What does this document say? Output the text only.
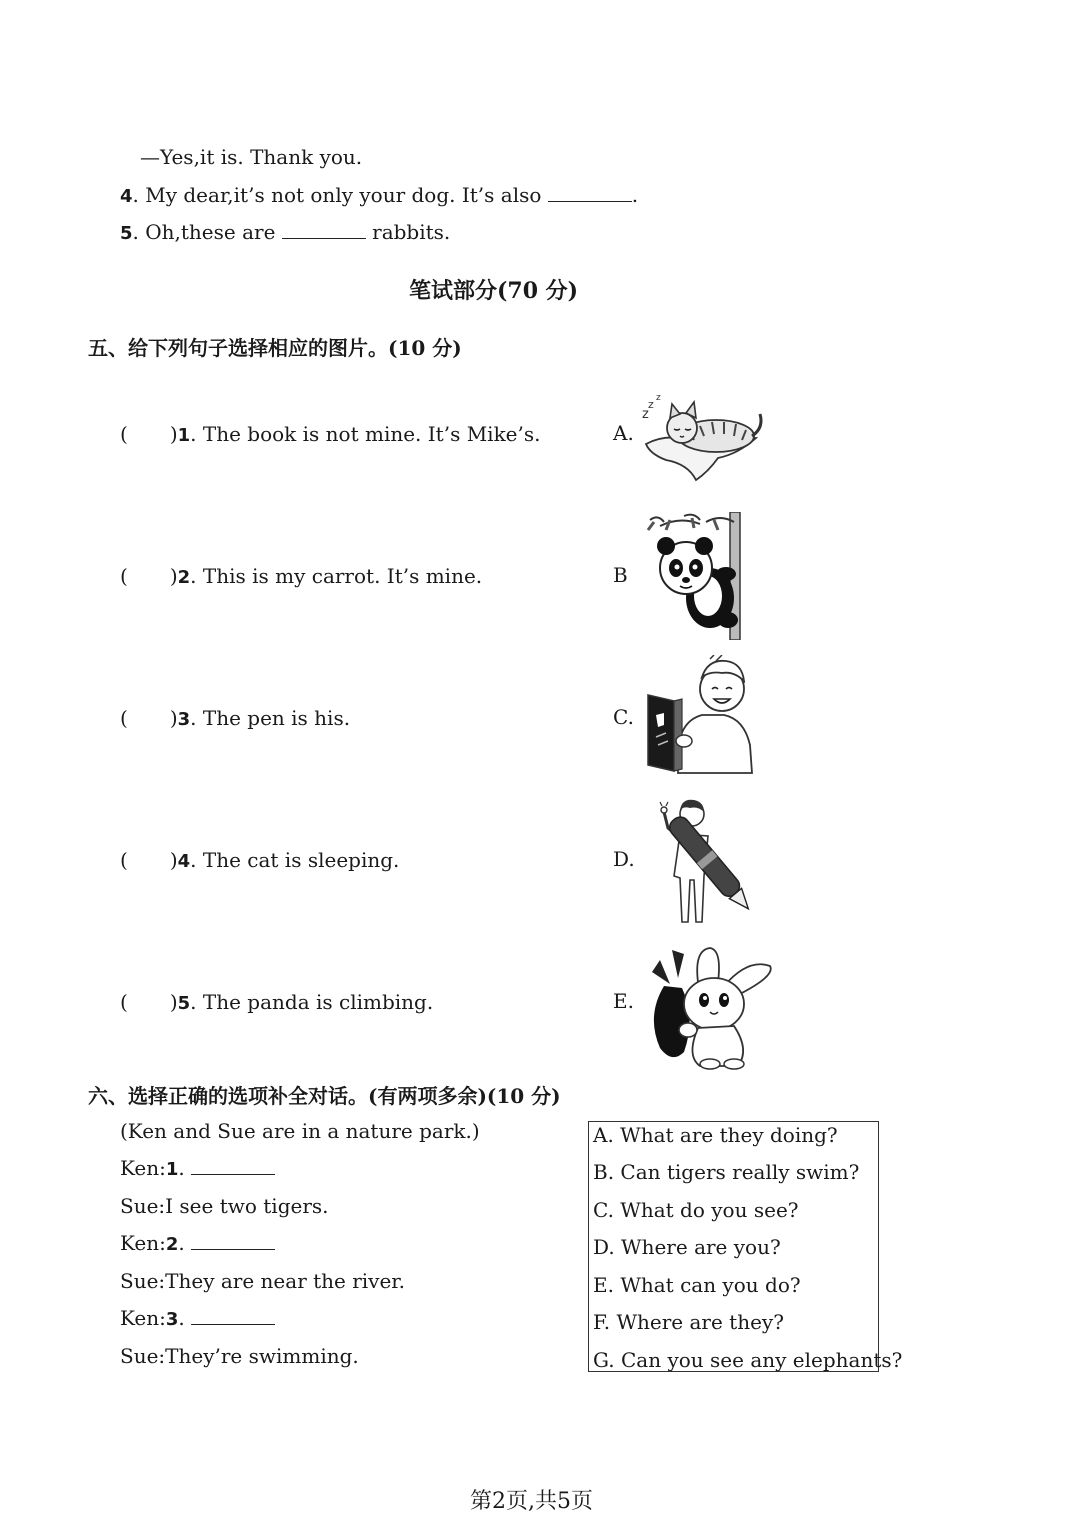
—Yes,it is. Thank you.
4. My dear,it’s not only your dog. It’s also	.
5. Oh,these are	rabbits.
笔试部分(70 分)
五、给下列句子选择相应的图片。(10 分)
( )1. The book is not mine. It’s Mike’s.
( )2. This is my carrot. It’s mine.
( )3. The pen is his.
( )4. The cat is sleeping.
( )5. The panda is climbing.
A.
B
C.
D.
E.
z z
z
六、选择正确的选项补全对话。(有两项多余)(10 分)
(Ken and Sue are in a nature park.)
Ken:1.
Sue:I see two tigers.
Ken:2.
Sue:They are near the river.
Ken:3.
Sue:They’re swimming.
A. What are they doing?
B. Can tigers really swim?
C. What do you see?
D. Where are you?
E. What can you do?
F. Where are they?
G. Can you see any elephants?
第2页,共5页
